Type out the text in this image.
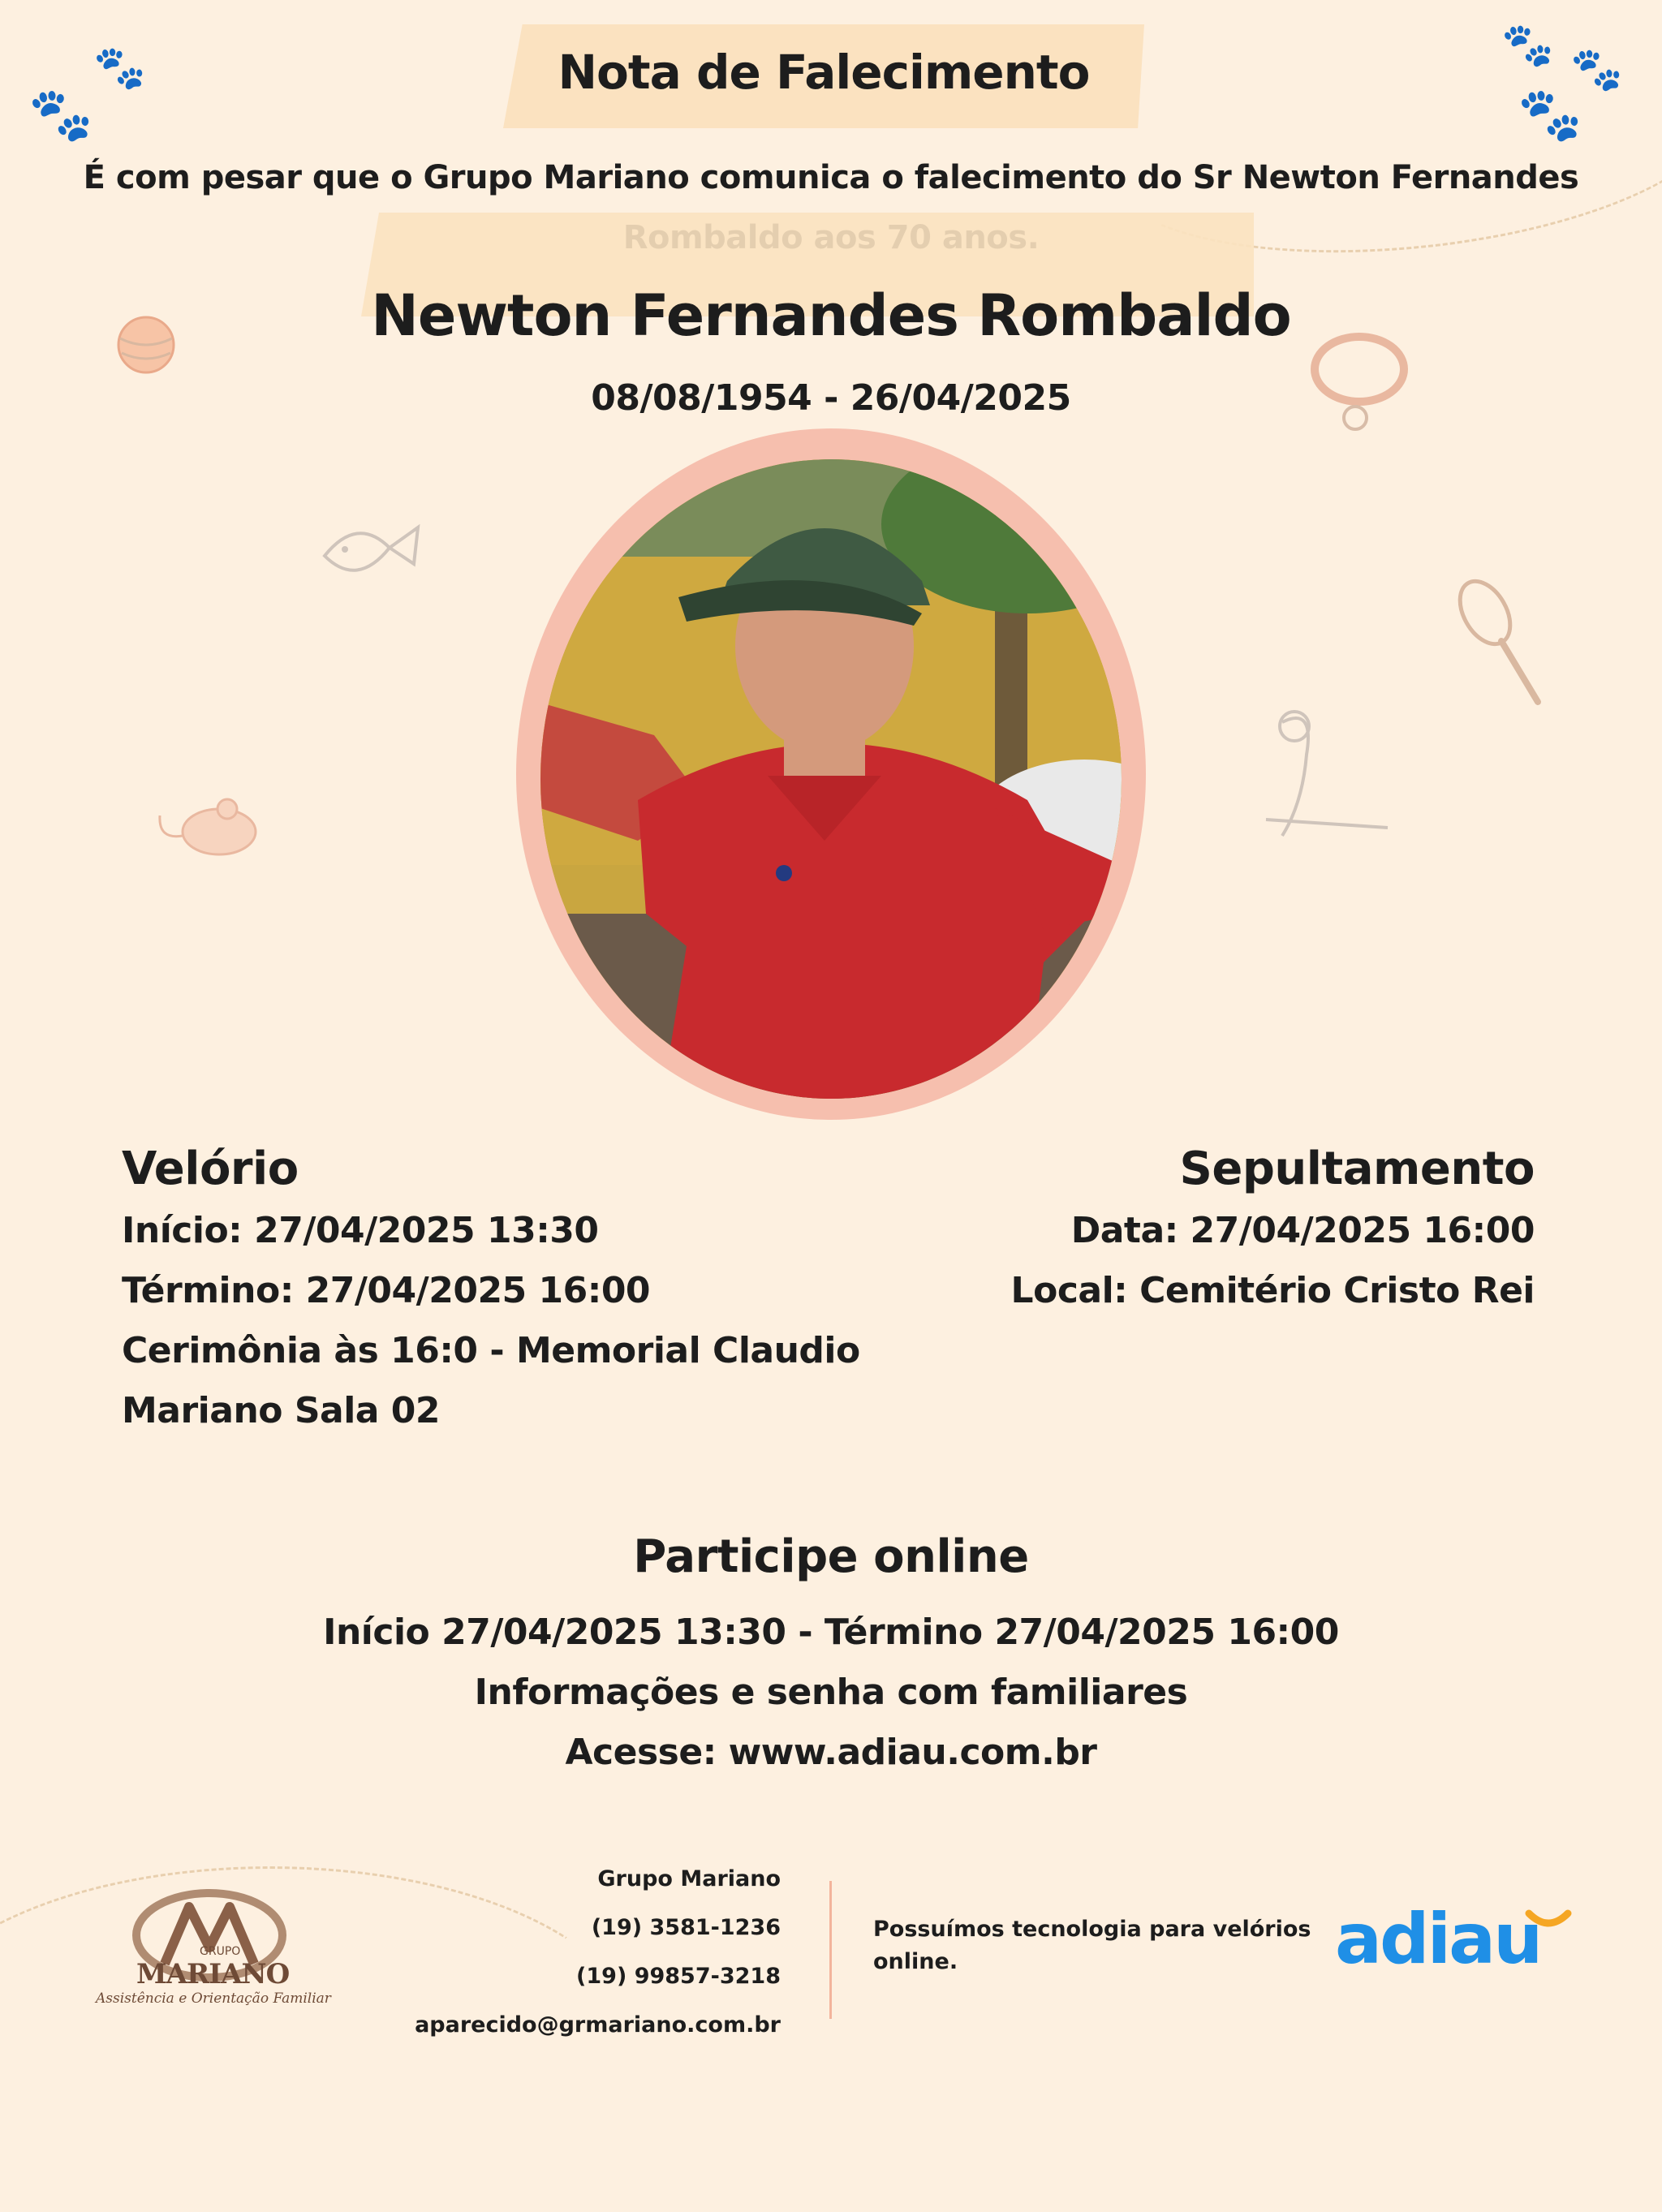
🐾
🐾
🐾 🐾
🐾
Nota de Falecimento
É com pesar que o Grupo Mariano comunica o falecimento do Sr Newton Fernandes
Newton Fernandes Rombaldo
08/08/1954 - 26/04/2025
Velório
Início: 27/04/2025 13:30
Término: 27/04/2025 16:00
Cerimônia às 16:0 - Memorial Claudio
Mariano Sala 02
Sepultamento
Data: 27/04/2025 16:00
Local: Cemitério Cristo Rei
Participe online
Início 27/04/2025 13:30 - Término 27/04/2025 16:00
Informações e senha com familiares
Acesse: www.adiau.com.br
GRUPO
MARIANO
Assistência e Orientação Familiar
Grupo Mariano
(19) 3581-1236
(19) 99857-3218
aparecido@grmariano.com.br
Possuímos tecnologia para velórios
online.	adiau
